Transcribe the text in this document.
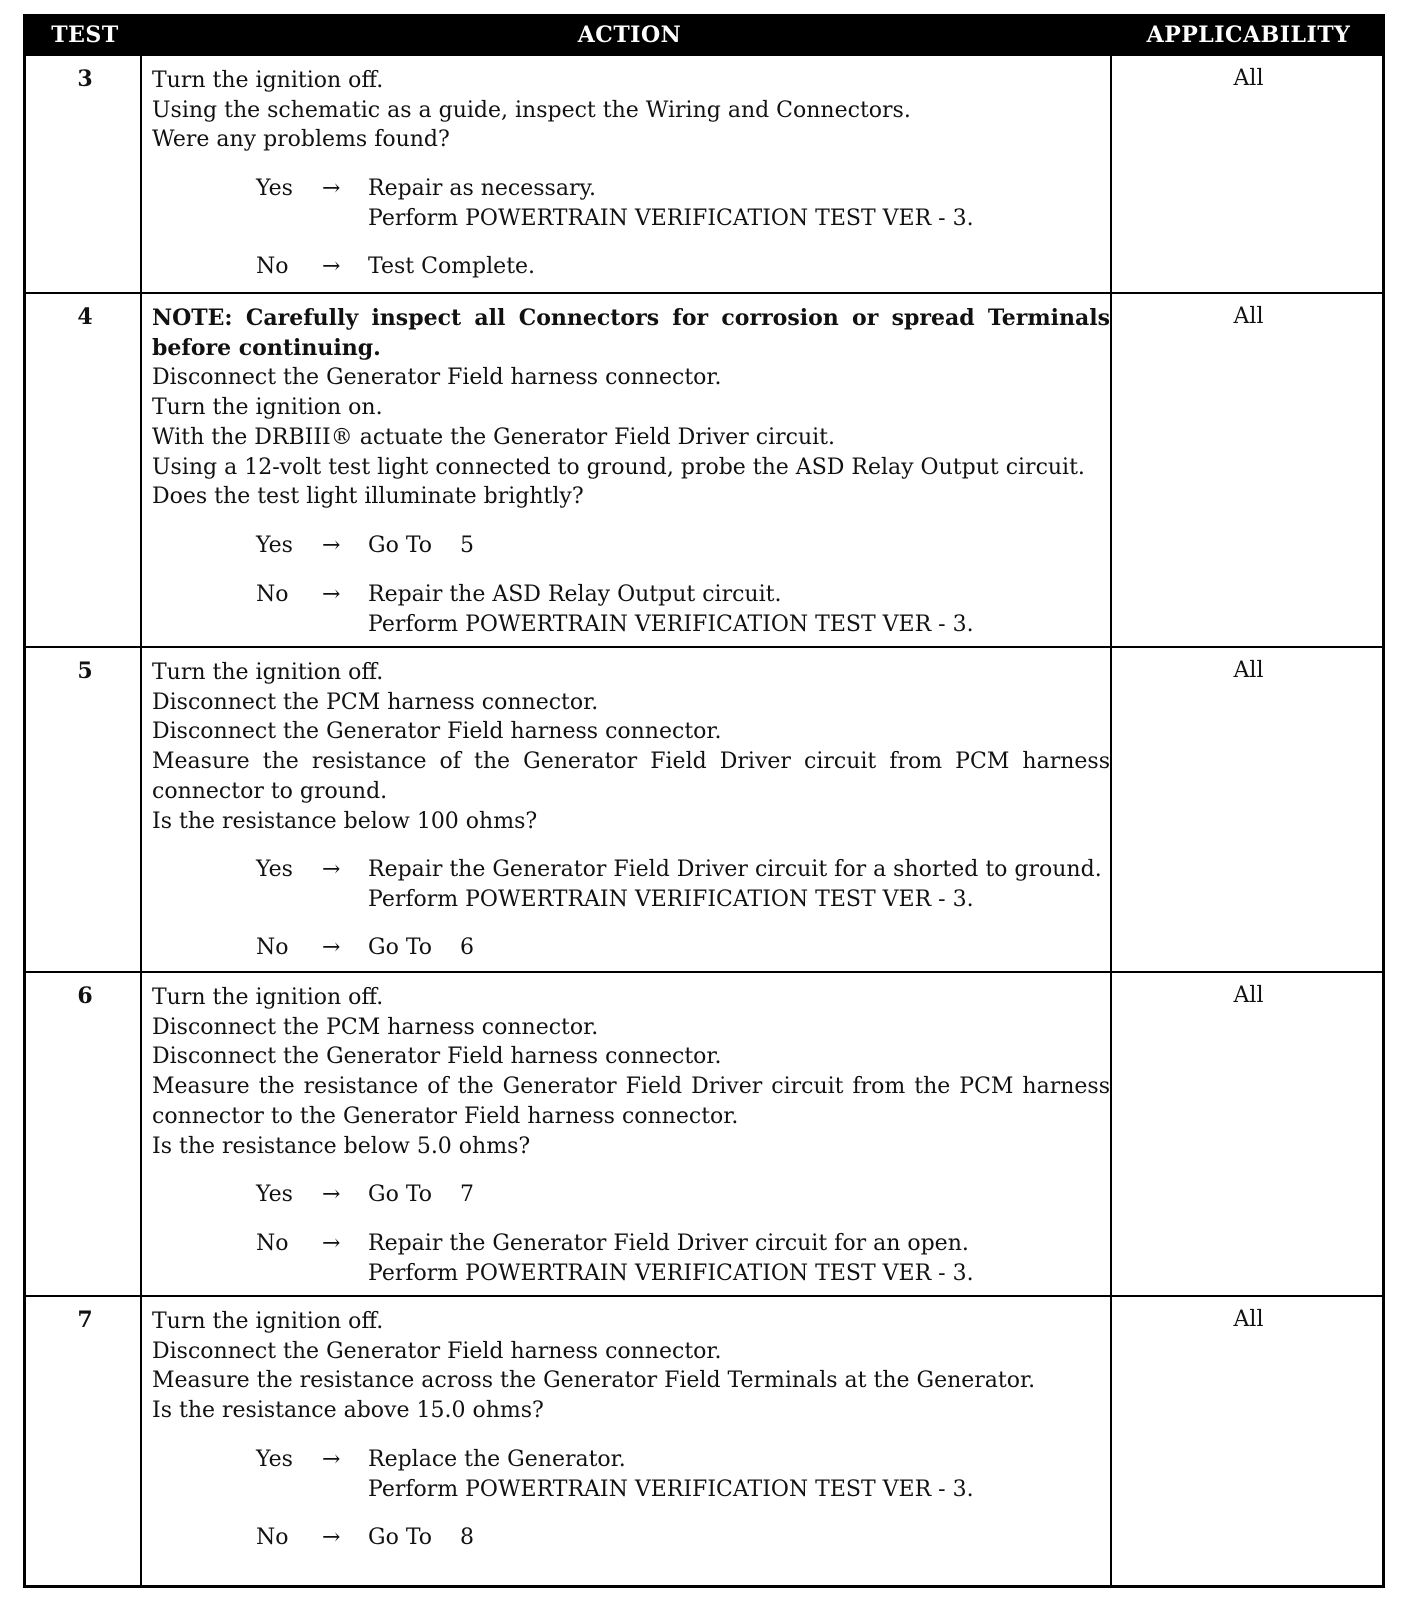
TEST	ACTION	APPLICABILITY
3	Turn the ignition off.
Using the schematic as a guide, inspect the Wiring and Connectors.
Were any problems found?
Yes → Repair as necessary.
Perform POWERTRAIN VERIFICATION TEST VER - 3.
No → Test Complete.
All
4	NOTE: Carefully inspect all Connectors for corrosion or spread Terminals before continuing.
Disconnect the Generator Field harness connector.
Turn the ignition on.
With the DRBIII® actuate the Generator Field Driver circuit.
Using a 12-volt test light connected to ground, probe the ASD Relay Output circuit.
Does the test light illuminate brightly?
Yes → Go To    5
No → Repair the ASD Relay Output circuit.
Perform POWERTRAIN VERIFICATION TEST VER - 3.
All
5	Turn the ignition off.
Disconnect the PCM harness connector.
Disconnect the Generator Field harness connector.
Measure the resistance of the Generator Field Driver circuit from PCM harness connector to ground.
Is the resistance below 100 ohms?
Yes → Repair the Generator Field Driver circuit for a shorted to ground.
Perform POWERTRAIN VERIFICATION TEST VER - 3.
No → Go To    6
All
6	Turn the ignition off.
Disconnect the PCM harness connector.
Disconnect the Generator Field harness connector.
Measure the resistance of the Generator Field Driver circuit from the PCM harness connector to the Generator Field harness connector.
Is the resistance below 5.0 ohms?
Yes → Go To    7
No → Repair the Generator Field Driver circuit for an open.
Perform POWERTRAIN VERIFICATION TEST VER - 3.
All
7	Turn the ignition off.
Disconnect the Generator Field harness connector.
Measure the resistance across the Generator Field Terminals at the Generator.
Is the resistance above 15.0 ohms?
Yes → Replace the Generator.
Perform POWERTRAIN VERIFICATION TEST VER - 3.
No → Go To    8
All
